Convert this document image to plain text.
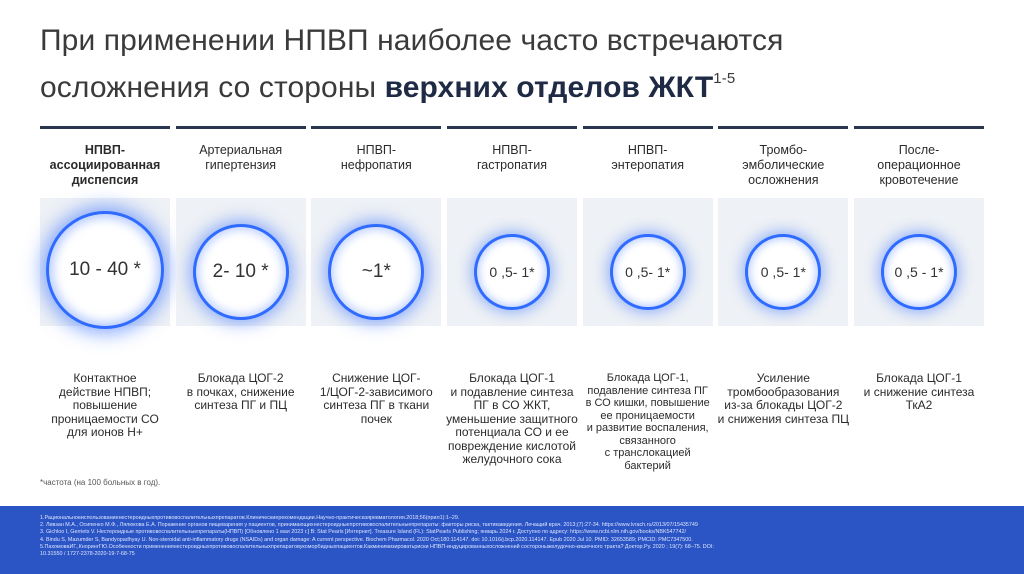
При применении НПВП наиболее часто встречаются
осложнения со стороны верхних отделов ЖКТ$^{1-5}$
НПВП-
ассоциированная
диспепсия
10 - 40 *
Контактное
действие НПВП;
повышение
проницаемости СО
для ионов Н+
Артериальная
гипертензия
2- 10 *
Блокада ЦОГ-2
в почках, снижение
синтеза ПГ и ПЦ
НПВП-
нефропатия
~1*
Снижение ЦОГ-
1/ЦОГ-2-зависимого
синтеза ПГ в ткани
почек
НПВП-
гастропатия
0 ,5- 1*
Блокада ЦОГ-1
и подавление синтеза
ПГ в СО ЖКТ,
уменьшение защитного
потенциала СО и ее
повреждение кислотой
желудочного сока
НПВП-
энтеропатия
0 ,5- 1*
Блокада ЦОГ-1,
подавление синтеза ПГ
в СО кишки, повышение
ее проницаемости
и развитие воспаления,
связанного
с транслокацией
бактерий
Тромбо-
эмболические
осложнения
0 ,5- 1*
Усиление
тромбообразования
из-за блокады ЦОГ-2
и снижения синтеза ПЦ
После-
операционное
кровотечение
0 ,5 - 1*
Блокада ЦОГ-1
и снижение синтеза
ТкА2
*частота (на 100 больных в год).
1.Рациональноеиспользованиенестероидныхпротивовоспалительныхпрепаратов.Клиническиерекомендации.Научно-практическаяревматология.2018;56(прил1):1–29.
2. Ливзан М.А., Осипенко М.Ф., Лялюкова Е.А. Поражение органов пищеварения у пациентов, принимающихнестероидныепротивовоспалительныепрепараты: факторы риска, тактикаведения. Лечащий врач. 2013;(7):27-34. https://www.lvrach.ru/2013/07/15435749
3. Gichloo I, Gerriets V. Нестероидные противовоспалительныепрепараты(НПВП) [Обновлено 1 мая 2023 г.] В: Stat Pearls [Интернет]. Treasure Island (FL): StatPearls Publishing; январь 2024 г. Доступно по адресу: https://www.ncbi.nlm.nih.gov/books/NBK547742/
4. Bindu S, Mazumder S, Bandyopadhyay U. Non-steroidal anti-inflammatory drugs (NSAIDs) and organ damage: A current perspective. Biochem Pharmacol. 2020 Oct;180:114147. doi: 10.1016/j.bcp.2020.114147. Epub 2020 Jul 10. PMID: 32653589; PMCID: PMC7347500.
5.ПахомоваИГ.,КнорингГЮ.Особенности применениянестероидныхпротивовоспалительныхпрепаратовукоморбидныхпациентов.Какминимизироватьриски НПВП-индуцированныхосложнений состороныжелудочно-кишечного тракта? Доктор.Ру. 2020 ; 19(7): 68–75. DOI:
10.31550 / 1727-2378-2020-19-7-68-75
